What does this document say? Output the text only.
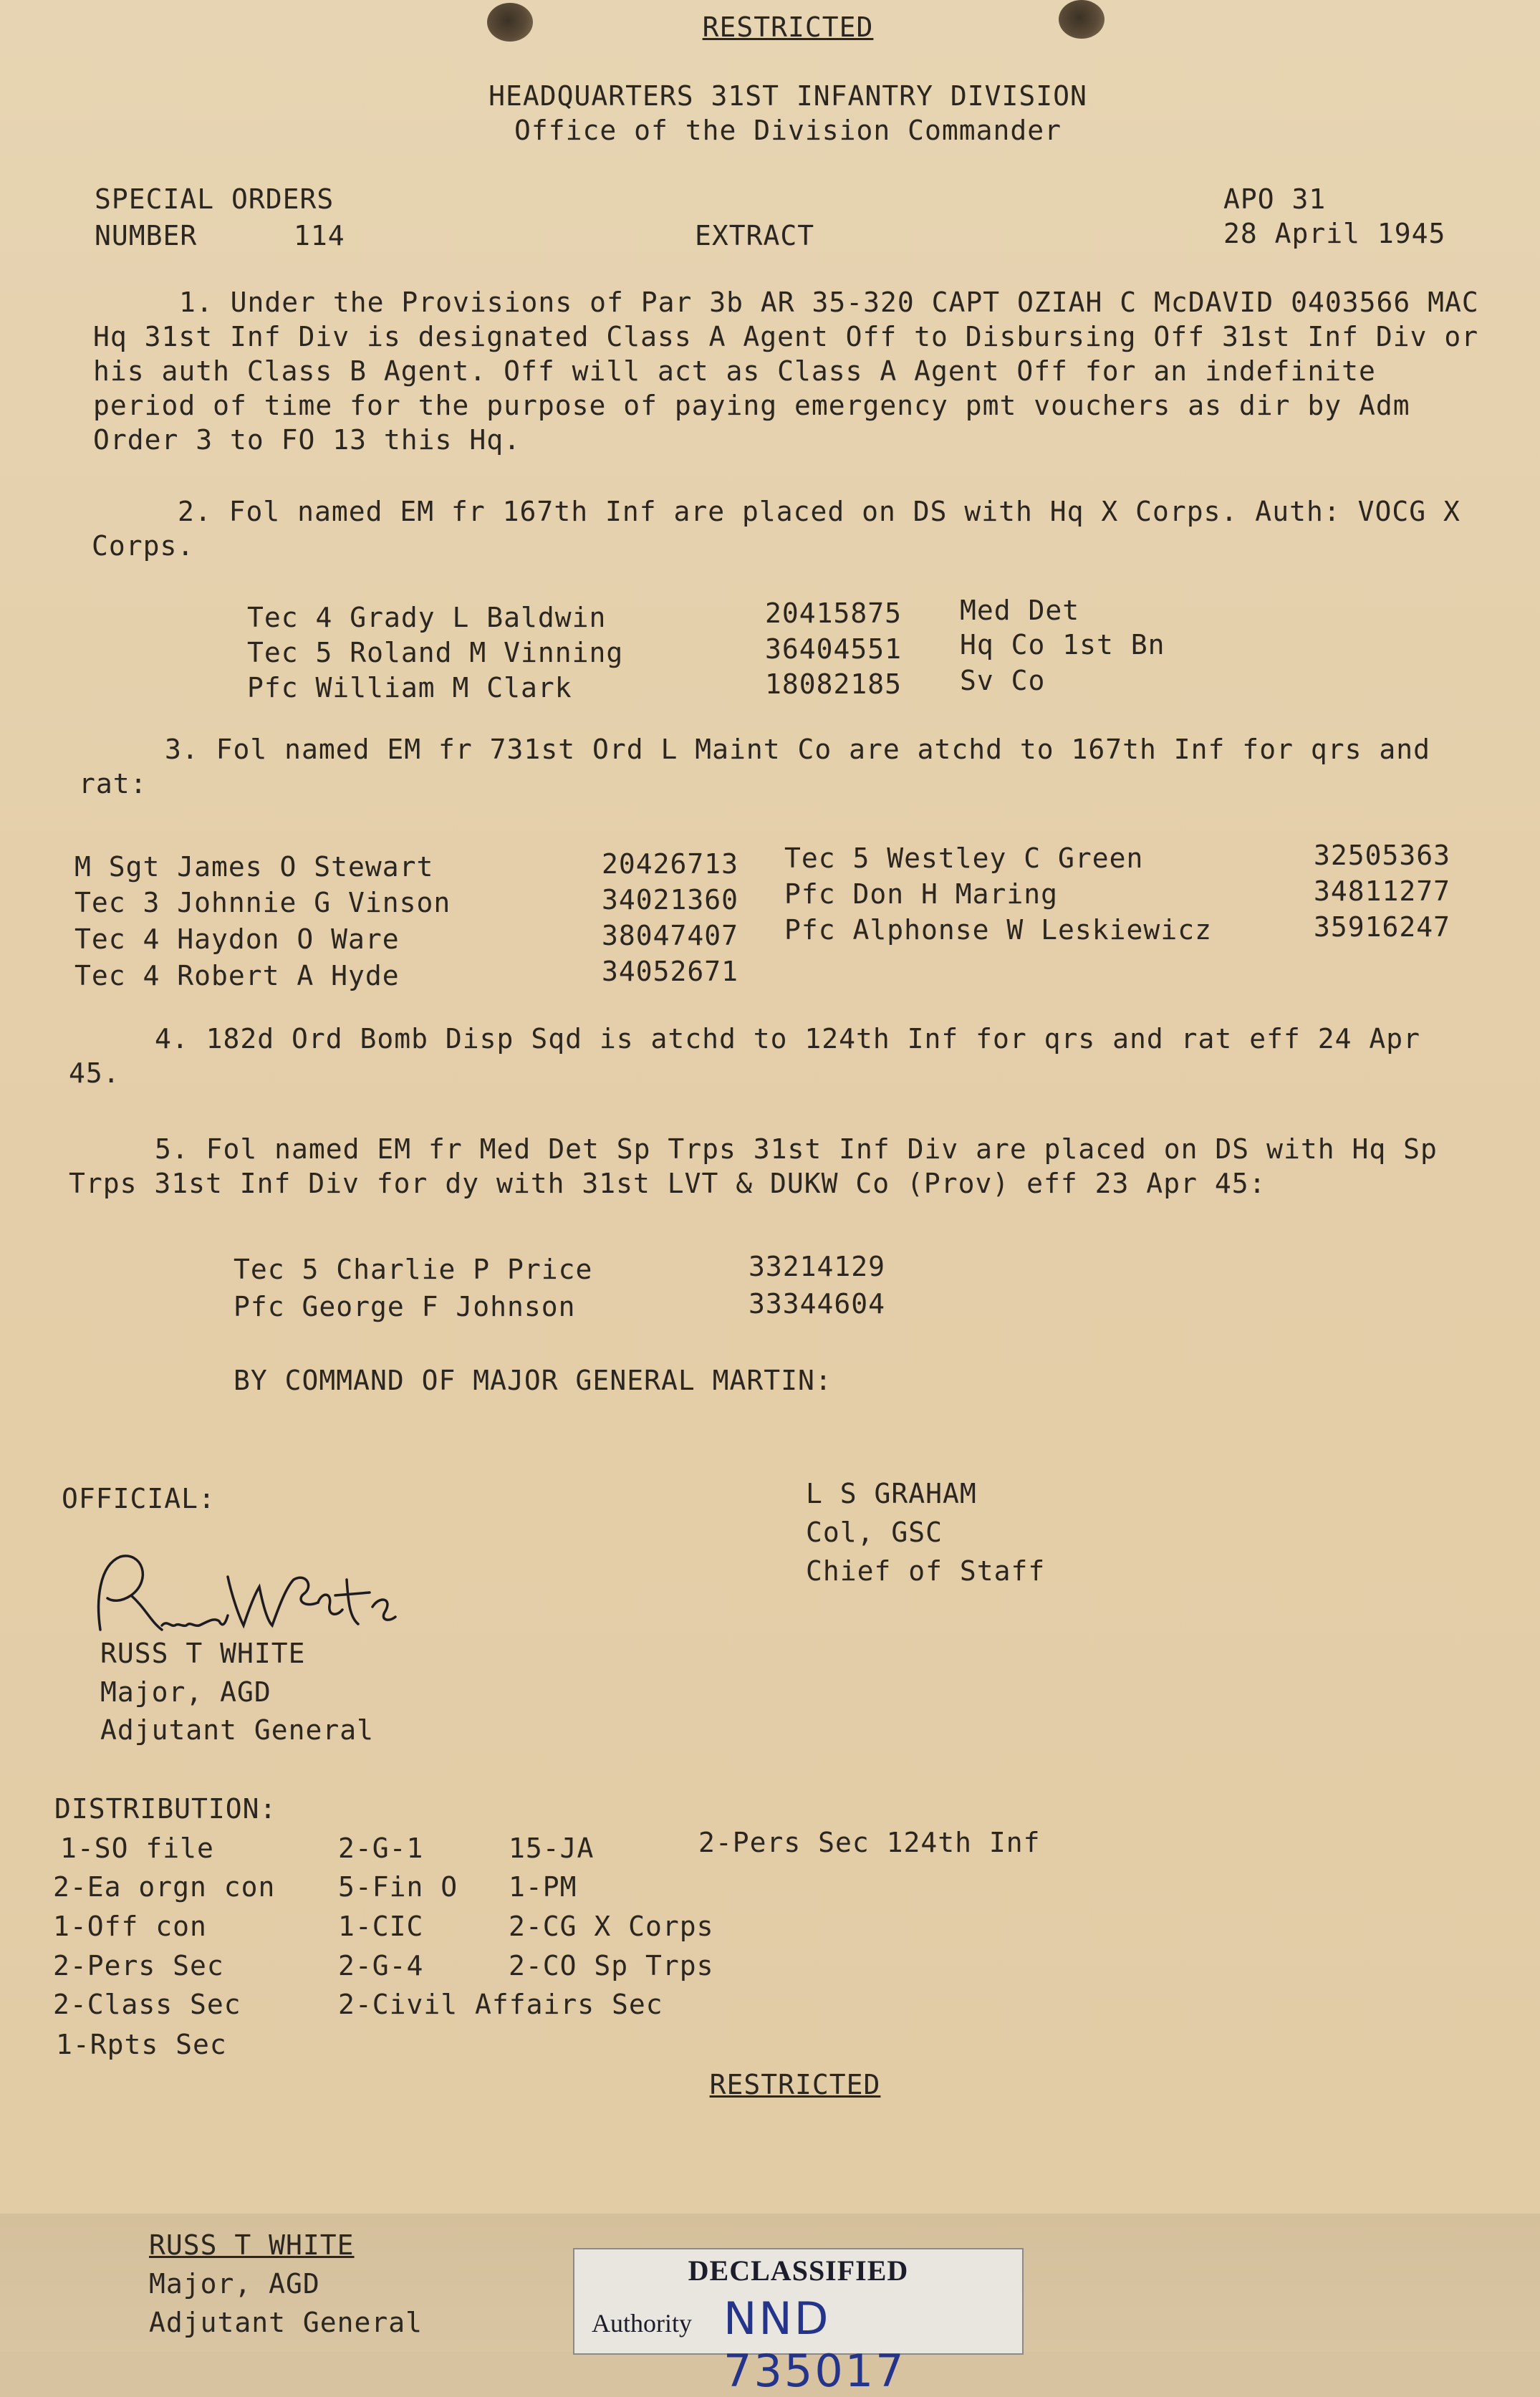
RESTRICTED
HEADQUARTERS 31ST INFANTRY DIVISION
Office of the Division Commander
SPECIAL ORDERS
NUMBER	114	EXTRACT
APO 31
28 April 1945
1. Under the Provisions of Par 3b AR 35-320 CAPT OZIAH C McDAVID 0403566 MAC Hq 31st Inf Div is designated Class A Agent Off to Disbursing Off 31st Inf Div or his auth Class B Agent. Off will act as Class A Agent Off for an indefinite period of time for the purpose of paying emergency pmt vouchers as dir by Adm Order 3 to FO 13 this Hq.
2. Fol named EM fr 167th Inf are placed on DS with Hq X Corps. Auth: VOCG X Corps.
Tec 4 Grady L Baldwin	20415875 Med Det
Tec 5 Roland M Vinning	36404551 Hq Co 1st Bn
Pfc William M Clark	18082185 Sv Co
3. Fol named EM fr 731st Ord L Maint Co are atchd to 167th Inf for qrs and rat:
M Sgt James O Stewart	20426713
Tec 3 Johnnie G Vinson	34021360
Tec 4 Haydon O Ware	38047407
Tec 4 Robert A Hyde	34052671
Tec 5 Westley C Green	32505363
Pfc Don H Maring	34811277
Pfc Alphonse W Leskiewicz	35916247
4. 182d Ord Bomb Disp Sqd is atchd to 124th Inf for qrs and rat eff 24 Apr 45.
5. Fol named EM fr Med Det Sp Trps 31st Inf Div are placed on DS with Hq Sp Trps 31st Inf Div for dy with 31st LVT & DUKW Co (Prov) eff 23 Apr 45:
Tec 5 Charlie P Price	33214129
Pfc George F Johnson	33344604
BY COMMAND OF MAJOR GENERAL MARTIN:
L S GRAHAM
Col, GSC
Chief of Staff
OFFICIAL:
RUSS T WHITE
Major, AGD
Adjutant General
DISTRIBUTION:
1-SO file
2-Ea orgn con
1-Off con
2-Pers Sec
2-Class Sec
1-Rpts Sec
2-G-1
5-Fin O
1-CIC
2-G-4
2-Civil Affairs Sec
15-JA
1-PM
2-CG X Corps
2-CO Sp Trps
2-Pers Sec 124th Inf
RESTRICTED
RUSS T WHITE
Major, AGD
Adjutant General
DECLASSIFIED
Authority NND 735017
